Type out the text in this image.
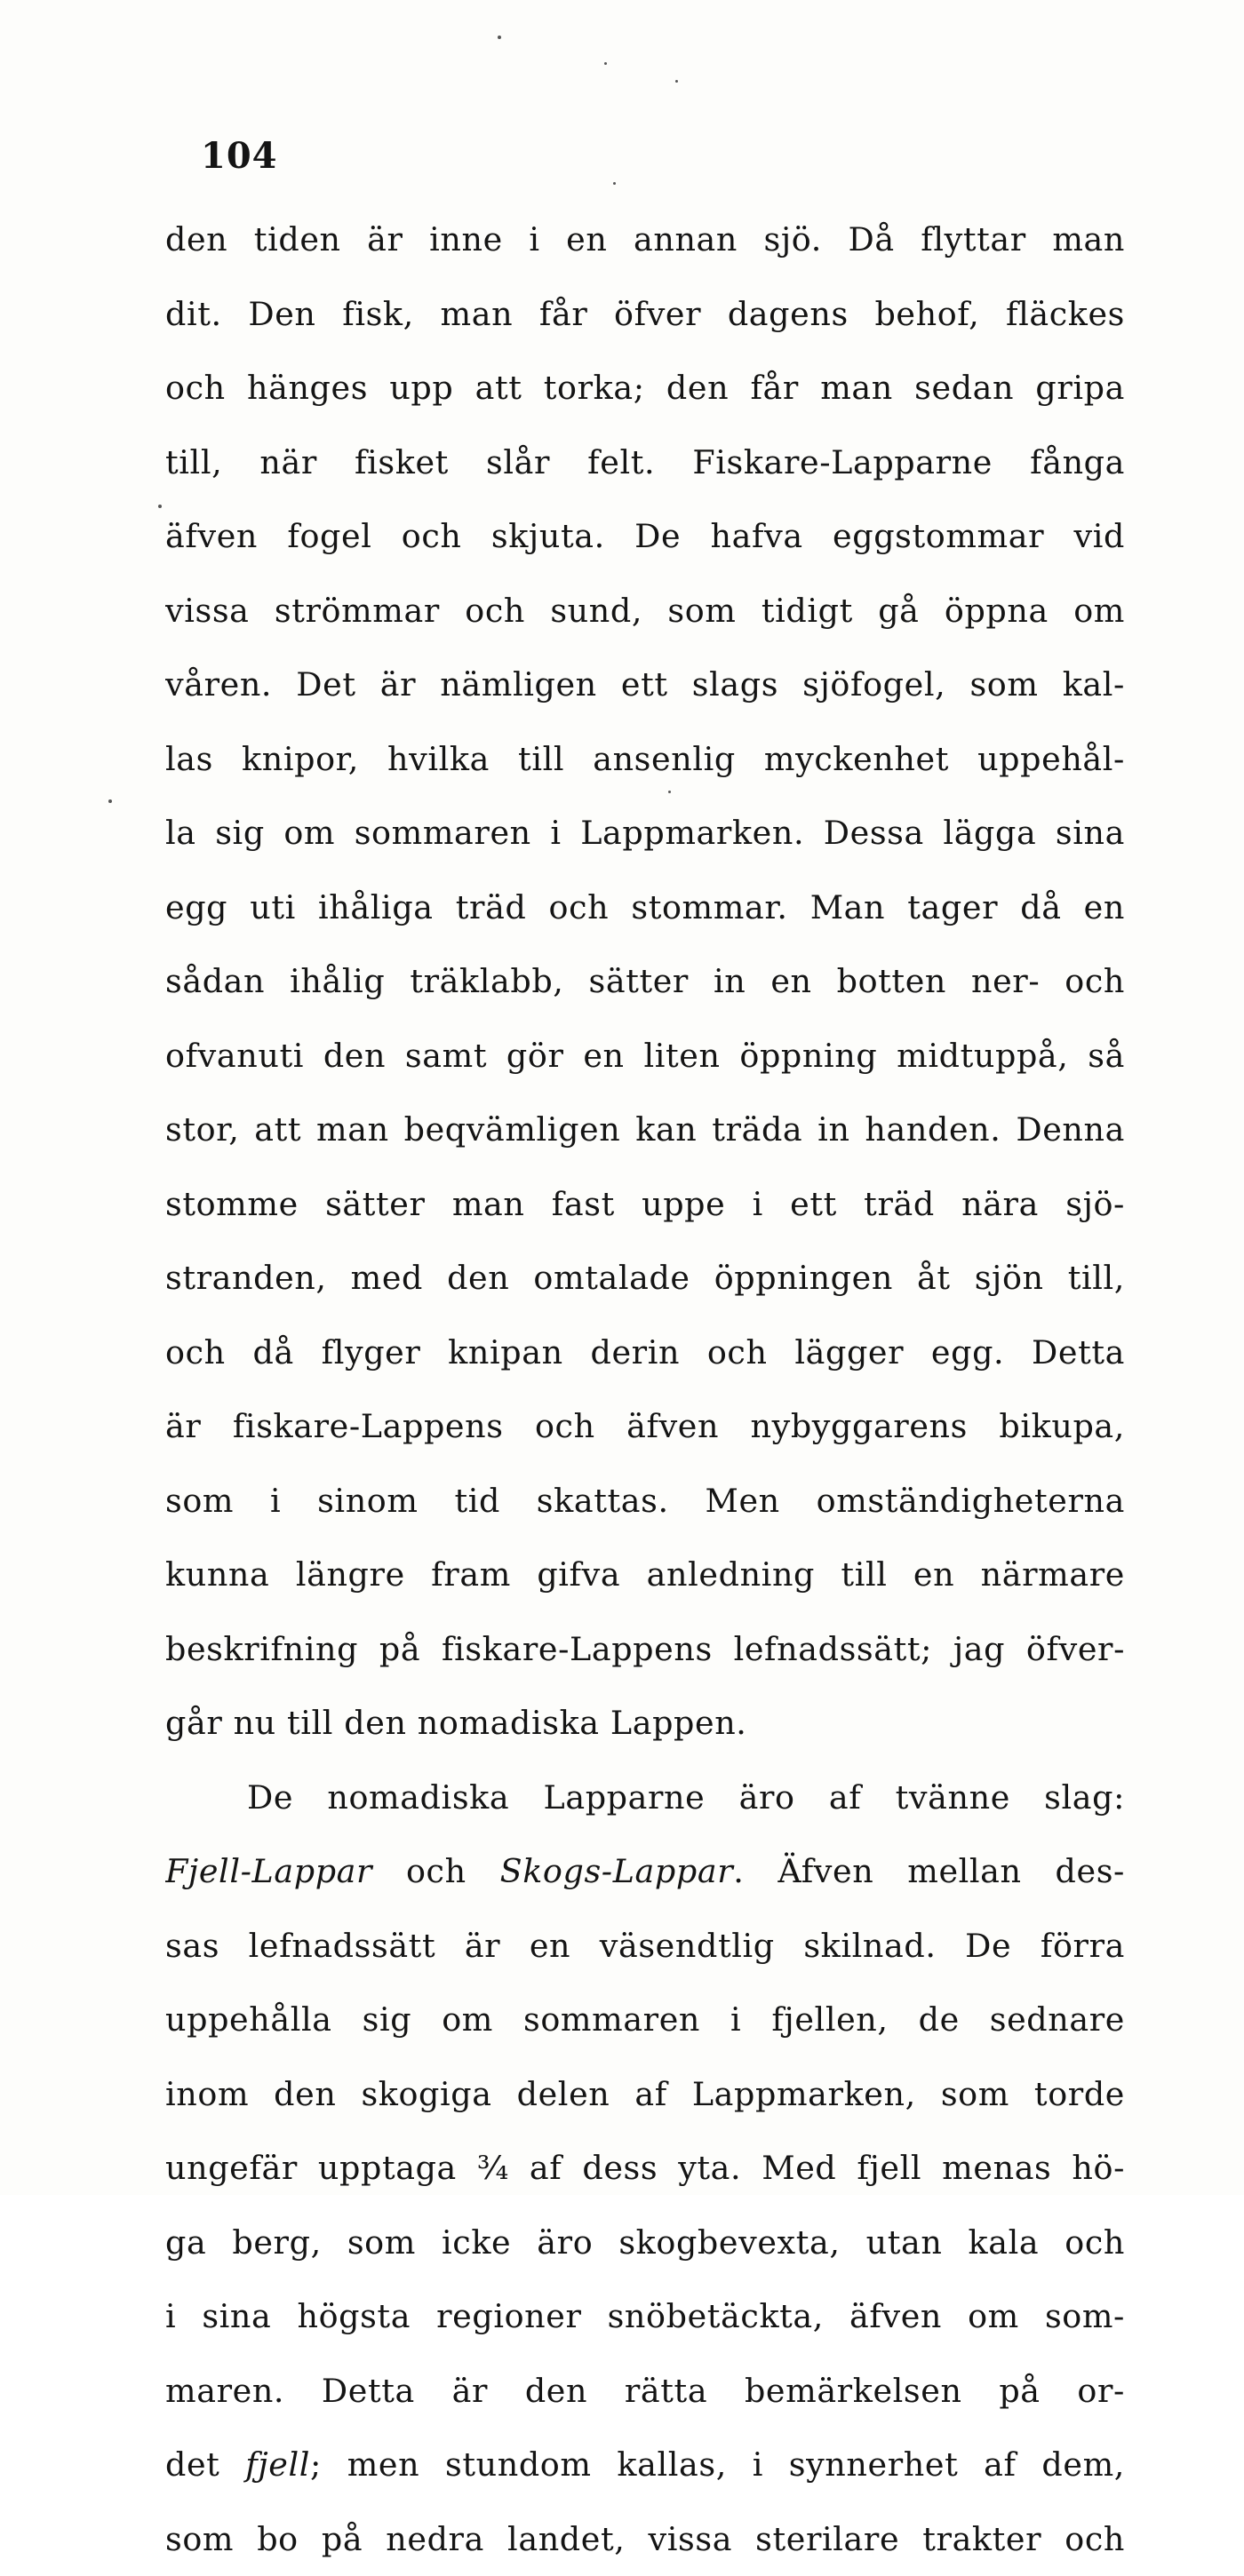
104
den tiden är inne i en annan sjö. Då flyttar man
dit. Den fisk, man får öfver dagens behof, fläckes
och hänges upp att torka; den får man sedan gripa
till, när fisket slår felt. Fiskare-Lapparne fånga
äfven fogel och skjuta. De hafva eggstommar vid
vissa strömmar och sund, som tidigt gå öppna om
våren. Det är nämligen ett slags sjöfogel, som kal-
las knipor, hvilka till ansenlig myckenhet uppehål-
la sig om sommaren i Lappmarken. Dessa lägga sina
egg uti ihåliga träd och stommar. Man tager då en
sådan ihålig träklabb, sätter in en botten ner- och
ofvanuti den samt gör en liten öppning midtuppå, så
stor, att man beqvämligen kan träda in handen. Denna
stomme sätter man fast uppe i ett träd nära sjö-
stranden, med den omtalade öppningen åt sjön till,
och då flyger knipan derin och lägger egg. Detta
är fiskare-Lappens och äfven nybyggarens bikupa,
som i sinom tid skattas. Men omständigheterna
kunna längre fram gifva anledning till en närmare
beskrifning på fiskare-Lappens lefnadssätt; jag öfver-
går nu till den nomadiska Lappen.
De nomadiska Lapparne äro af tvänne slag:
Fjell-Lappar och Skogs-Lappar. Äfven mellan des-
sas lefnadssätt är en väsendtlig skilnad. De förra
uppehålla sig om sommaren i fjellen, de sednare
inom den skogiga delen af Lappmarken, som torde
ungefär upptaga ¾ af dess yta. Med fjell menas hö-
ga berg, som icke äro skogbevexta, utan kala och
i sina högsta regioner snöbetäckta, äfven om som-
maren. Detta är den rätta bemärkelsen på or-
det fjell; men stundom kallas, i synnerhet af dem,
som bo på nedra landet, vissa sterilare trakter och
